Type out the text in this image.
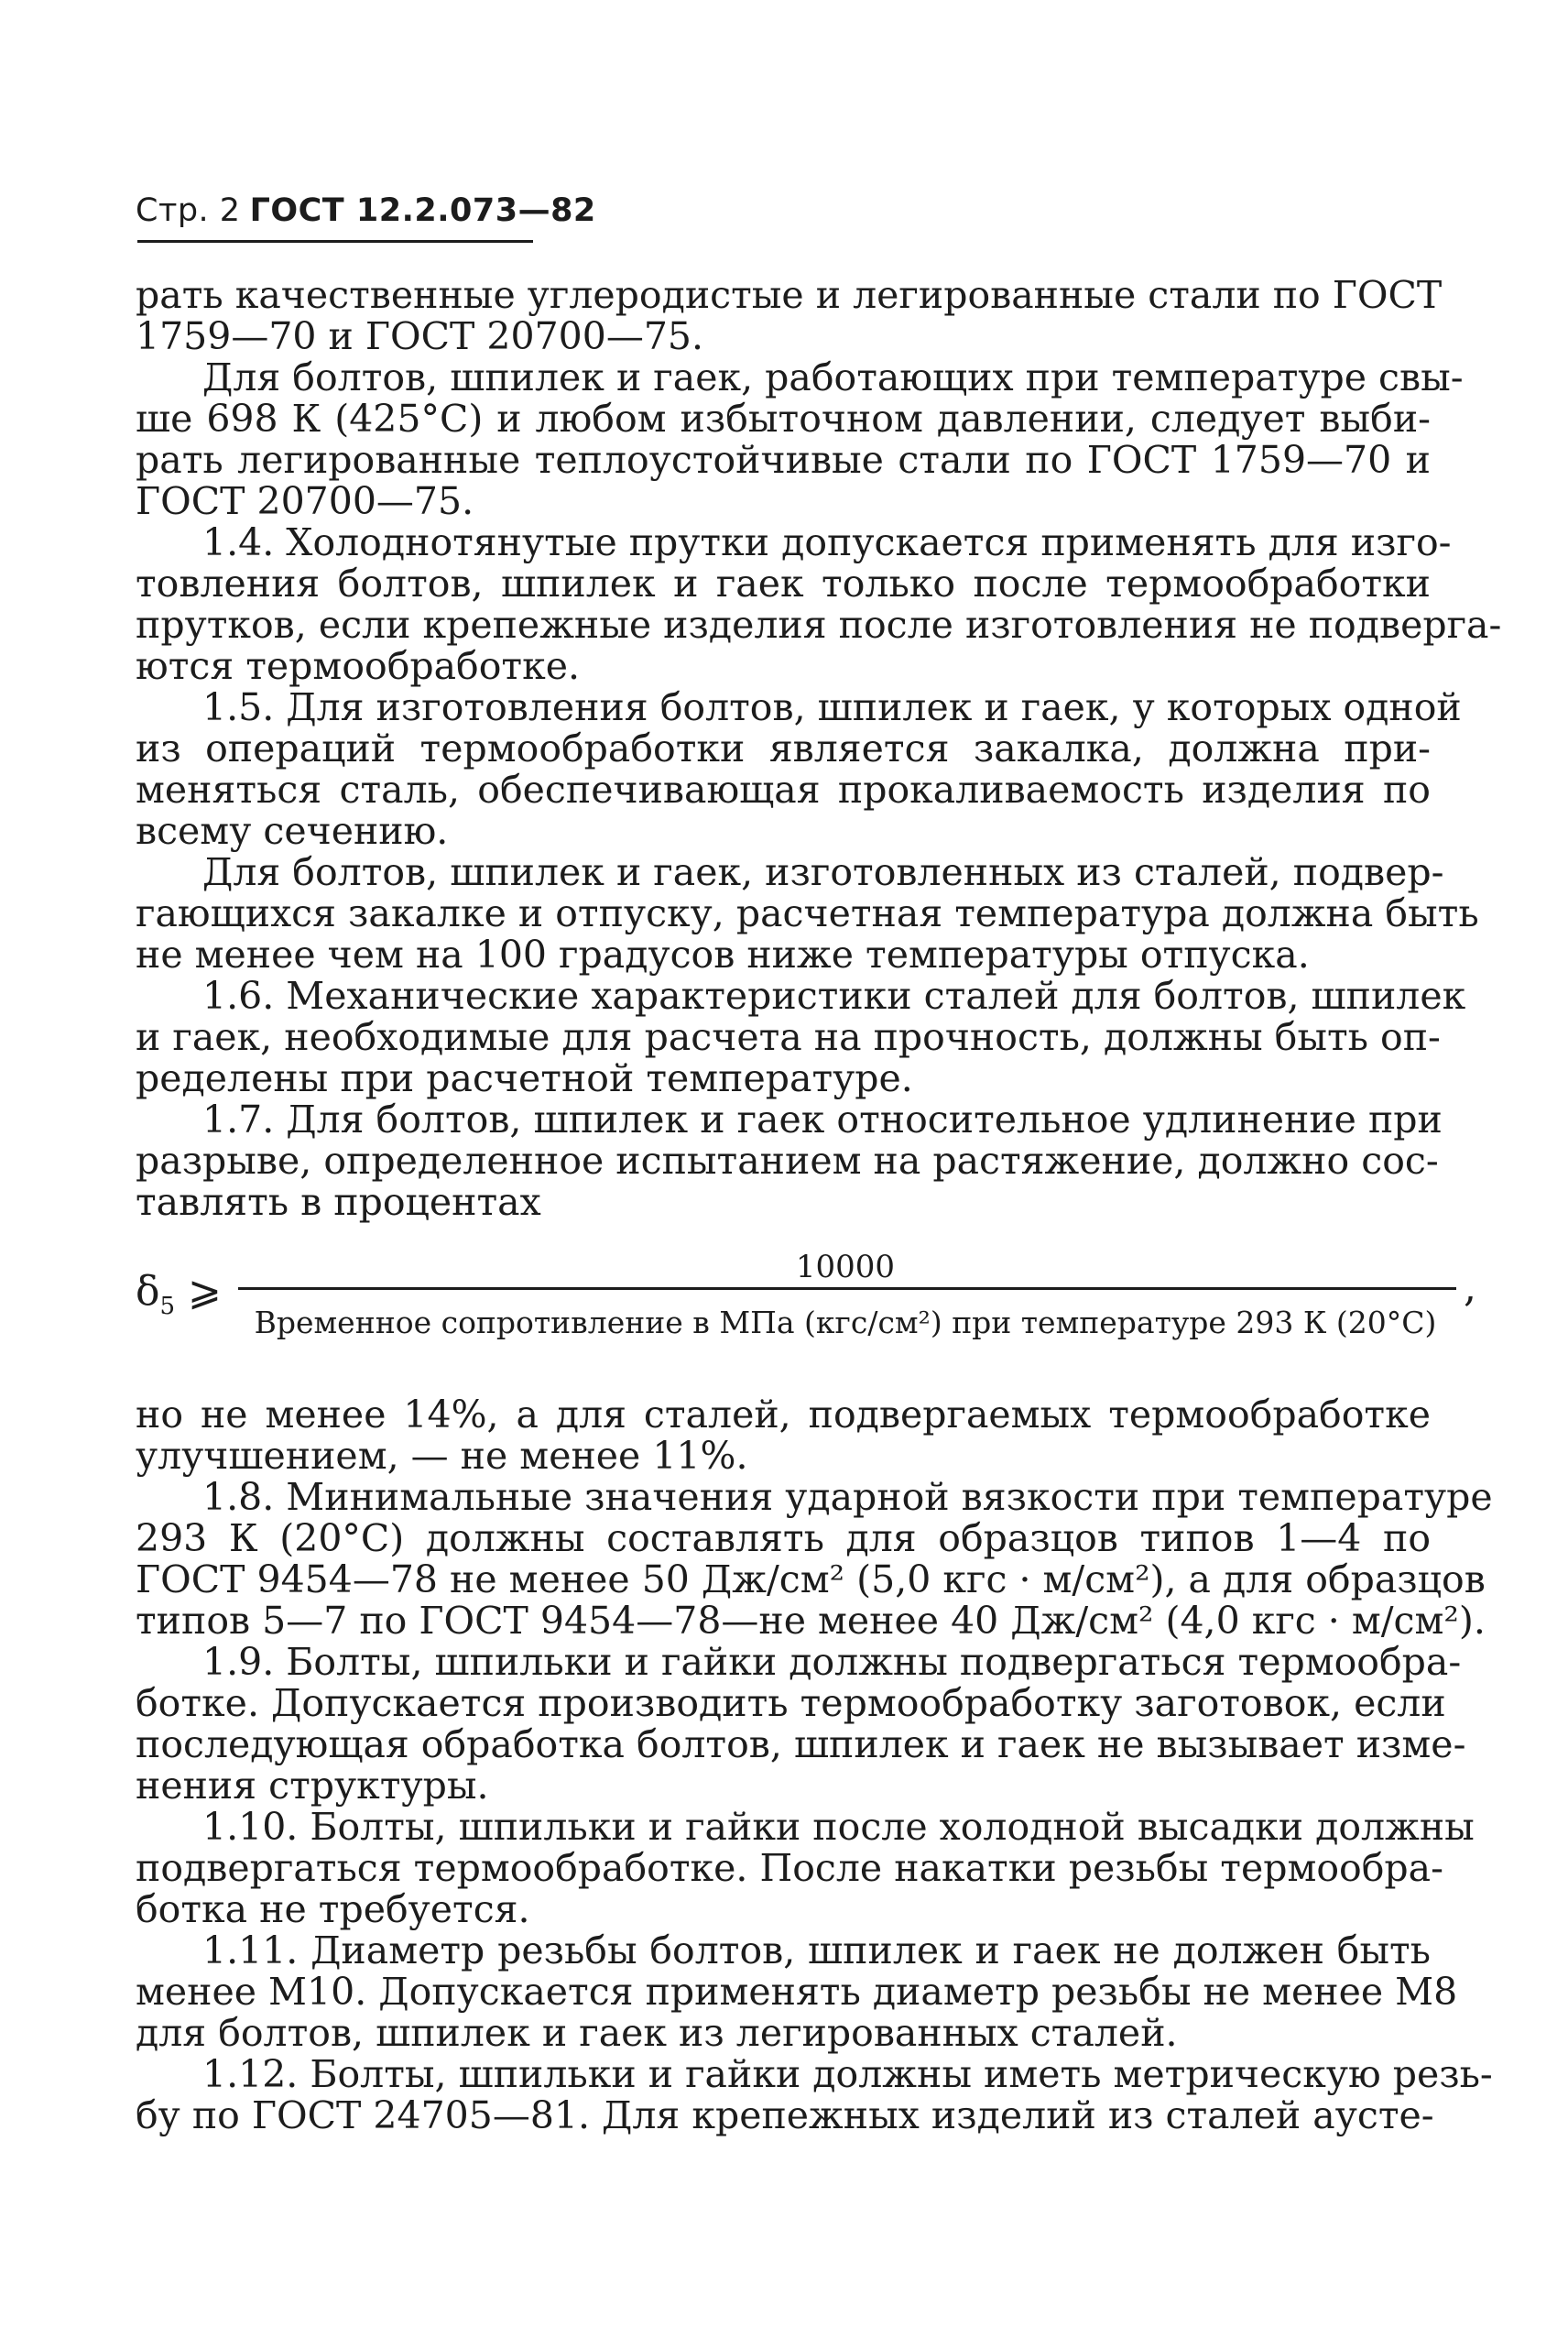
Стр. 2 ГОСТ 12.2.073—82
рать качественные углеродистые и легированные стали по ГОСТ
1759—70 и ГОСТ 20700—75.
Для болтов, шпилек и гаек, работающих при температуре свы-
ше 698 К (425°С) и любом избыточном давлении, следует выби-
рать легированные теплоустойчивые стали по ГОСТ 1759—70 и
ГОСТ 20700—75.
1.4. Холоднотянутые прутки допускается применять для изго-
товления болтов, шпилек и гаек только после термообработки
прутков, если крепежные изделия после изготовления не подверга-
ются термообработке.
1.5. Для изготовления болтов, шпилек и гаек, у которых одной
из операций термообработки является закалка, должна при-
меняться сталь, обеспечивающая прокаливаемость изделия по
всему сечению.
Для болтов, шпилек и гаек, изготовленных из сталей, подвер-
гающихся закалке и отпуску, расчетная температура должна быть
не менее чем на 100 градусов ниже температуры отпуска.
1.6. Механические характеристики сталей для болтов, шпилек
и гаек, необходимые для расчета на прочность, должны быть оп-
ределены при расчетной температуре.
1.7. Для болтов, шпилек и гаек относительное удлинение при
разрыве, определенное испытанием на растяжение, должно сос-
тавлять в процентах
$\delta_5$ ⩾
10000
Временное сопротивление в МПа (кгс/см²) при температуре 293 К (20°С)
,
но не менее 14%, а для сталей, подвергаемых термообработке
улучшением, — не менее 11%.
1.8. Минимальные значения ударной вязкости при температуре
293 К (20°С) должны составлять для образцов типов 1—4 по
ГОСТ 9454—78 не менее 50 Дж/см² (5,0 кгс · м/см²), а для образцов
типов 5—7 по ГОСТ 9454—78—не менее 40 Дж/см² (4,0 кгс · м/см²).
1.9. Болты, шпильки и гайки должны подвергаться термообра-
ботке. Допускается производить термообработку заготовок, если
последующая обработка болтов, шпилек и гаек не вызывает изме-
нения структуры.
1.10. Болты, шпильки и гайки после холодной высадки должны
подвергаться термообработке. После накатки резьбы термообра-
ботка не требуется.
1.11. Диаметр резьбы болтов, шпилек и гаек не должен быть
менее М10. Допускается применять диаметр резьбы не менее М8
для болтов, шпилек и гаек из легированных сталей.
1.12. Болты, шпильки и гайки должны иметь метрическую резь-
бу по ГОСТ 24705—81. Для крепежных изделий из сталей аусте-
